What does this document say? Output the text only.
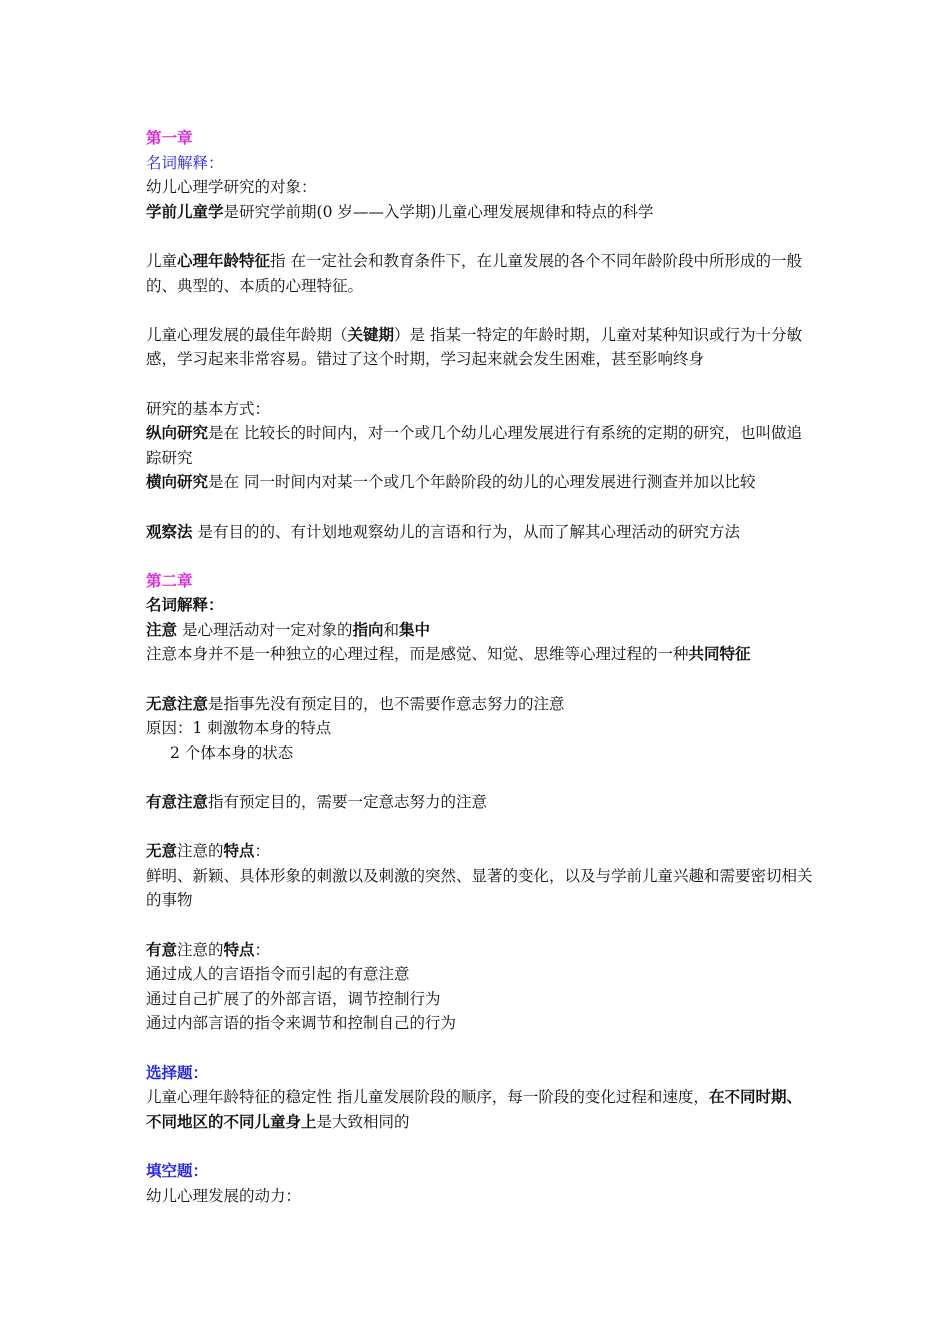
第一章
名词解释：
幼儿心理学研究的对象：
学前儿童学是研究学前期(0 岁——入学期)儿童心理发展规律和特点的科学
儿童心理年龄特征指 在一定社会和教育条件下，在儿童发展的各个不同年龄阶段中所形成的一般的、典型的、本质的心理特征。
儿童心理发展的最佳年龄期（关键期）是 指某一特定的年龄时期，儿童对某种知识或行为十分敏感，学习起来非常容易。错过了这个时期，学习起来就会发生困难，甚至影响终身
研究的基本方式：
纵向研究是在 比较长的时间内，对一个或几个幼儿心理发展进行有系统的定期的研究，也叫做追踪研究
横向研究是在 同一时间内对某一个或几个年龄阶段的幼儿的心理发展进行测查并加以比较
观察法 是有目的的、有计划地观察幼儿的言语和行为，从而了解其心理活动的研究方法
第二章
名词解释：
注意 是心理活动对一定对象的指向和集中
注意本身并不是一种独立的心理过程，而是感觉、知觉、思维等心理过程的一种共同特征
无意注意是指事先没有预定目的，也不需要作意志努力的注意
原因：1 刺激物本身的特点
2 个体本身的状态
有意注意指有预定目的，需要一定意志努力的注意
无意注意的特点：
鲜明、新颖、具体形象的刺激以及刺激的突然、显著的变化，以及与学前儿童兴趣和需要密切相关的事物
有意注意的特点：
通过成人的言语指令而引起的有意注意
通过自己扩展了的外部言语，调节控制行为
通过内部言语的指令来调节和控制自己的行为
选择题：
儿童心理年龄特征的稳定性 指儿童发展阶段的顺序，每一阶段的变化过程和速度，在不同时期、不同地区的不同儿童身上是大致相同的
填空题：
幼儿心理发展的动力：
